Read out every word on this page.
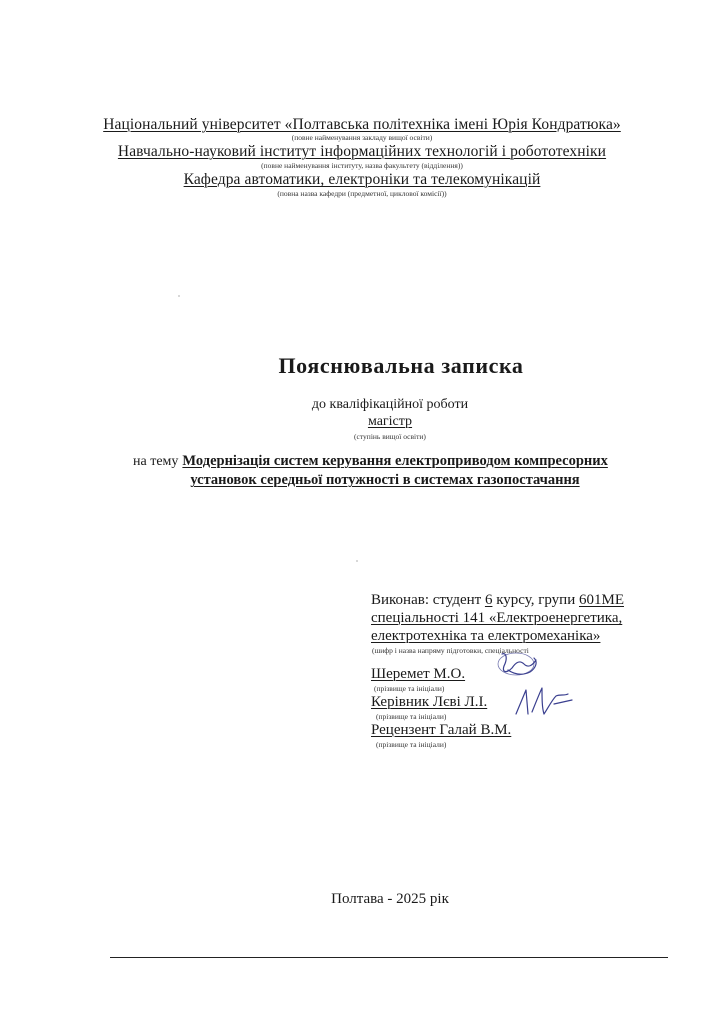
Національний університет «Полтавська політехніка імені Юрія Кондратюка»
(повне найменування закладу вищої освіти)
Навчально-науковий інститут інформаційних технологій і робототехніки
(повне найменування інституту, назва факультету (відділення))
Кафедра автоматики, електроніки та телекомунікацій
(повна назва кафедри (предметної, циклової комісії))
Пояснювальна записка
до кваліфікаційної роботи
магістр
(ступінь вищої освіти)
на тему Модернізація систем керування електроприводом компресорних
установок середньої потужності в системах газопостачання
Виконав: студент 6 курсу, групи 601МЕ
спеціальності 141 «Електроенергетика,
електротехніка та електромеханіка»
(шифр і назва напряму підготовки, спеціальності
Шеремет М.О.
(прізвище та ініціали)
Керівник Лєві Л.І.
(прізвище та ініціали)
Рецензент Галай В.М.
(прізвище та ініціали)
Полтава - 2025 рік
